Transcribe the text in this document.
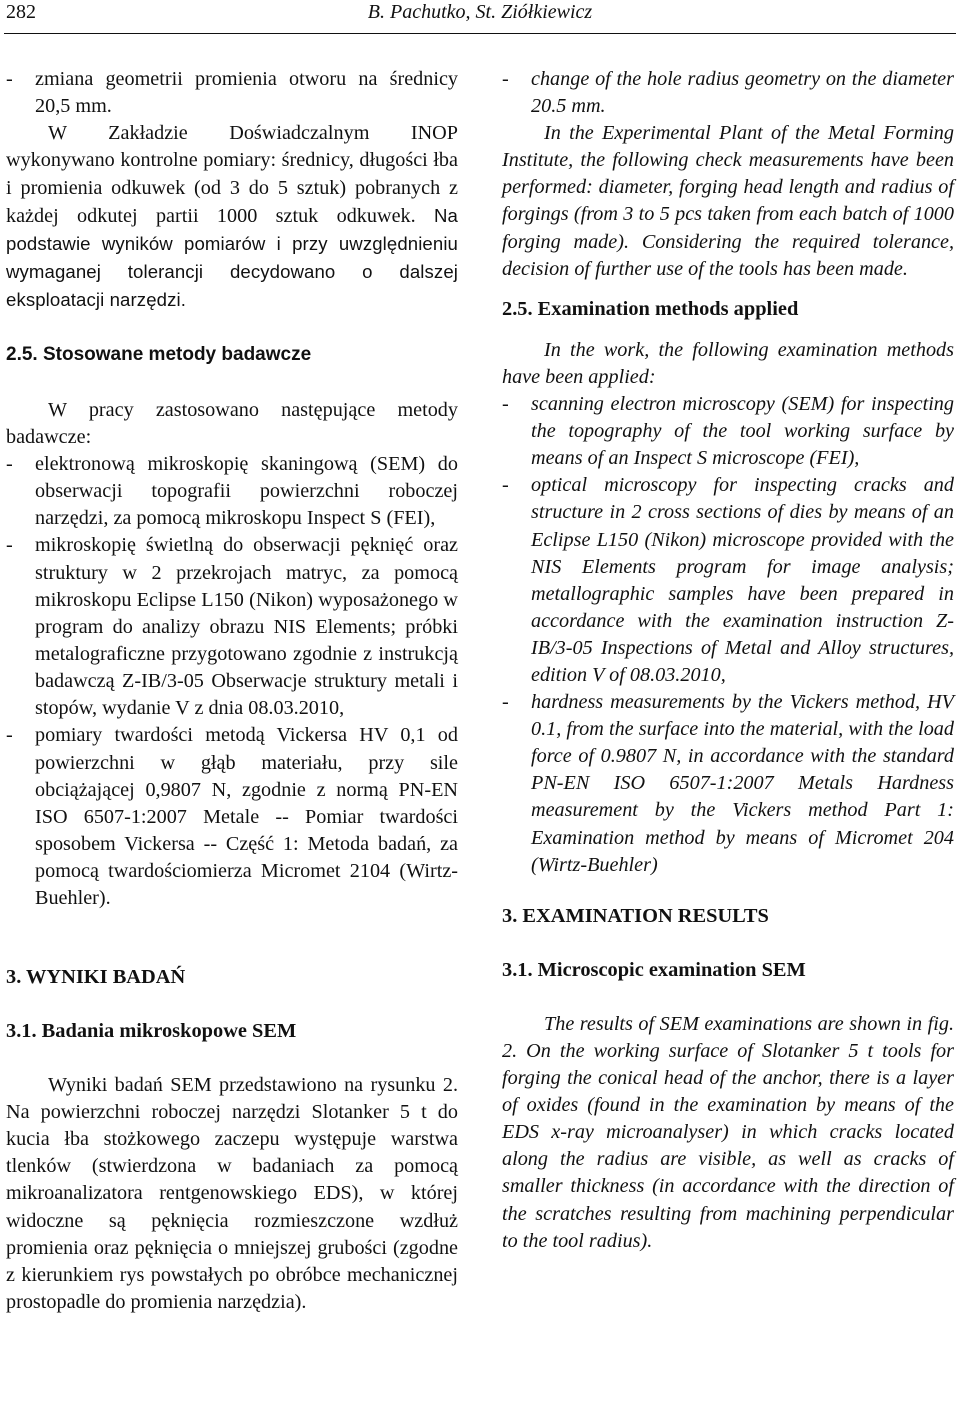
282	B. Pachutko, St. Ziółkiewicz
- zmiana geometrii promienia otworu na średnicy 20,5 mm.

W Zakładzie Doświadczalnym INOP wykonywano kontrolne pomiary: średnicy, długości łba i promienia odkuwek (od 3 do 5 sztuk) pobranych z każdej odkutej partii 1000 sztuk odkuwek. Na podstawie wyników pomiarów i przy uwzględnieniu wymaganej tolerancji decydowano o dalszej eksploatacji narzędzi.

2.5. Stosowane metody badawcze

W pracy zastosowano następujące metody badawcze:

- elektronową mikroskopię skaningową (SEM) do obserwacji topografii powierzchni roboczej narzędzi, za pomocą mikroskopu Inspect S (FEI),
- mikroskopię świetlną do obserwacji pęknięć oraz struktury w 2 przekrojach matryc, za pomocą mikroskopu Eclipse L150 (Nikon) wyposażonego w program do analizy obrazu NIS Elements; próbki metalograficzne przygotowano zgodnie z instrukcją badawczą Z-IB/3-05 Obserwacje struktury metali i stopów, wydanie V z dnia 08.03.2010,
- pomiary twardości metodą Vickersa HV 0,1 od powierzchni w głąb materiału, przy sile obciążającej 0,9807 N, zgodnie z normą PN-EN ISO 6507-1:2007 Metale -- Pomiar twardości sposobem Vickersa -- Część 1: Metoda badań, za pomocą twardościomierza Micromet 2104 (Wirtz-Buehler).
3. WYNIKI BADAŃ
3.1. Badania mikroskopowe SEM

Wyniki badań SEM przedstawiono na rysunku 2. Na powierzchni roboczej narzędzi Slotanker 5 t do kucia łba stożkowego zaczepu występuje warstwa tlenków (stwierdzona w badaniach za pomocą mikroanalizatora rentgenowskiego EDS), w której widoczne są pęknięcia rozmieszczone wzdłuż promienia oraz pęknięcia o mniejszej grubości (zgodne z kierunkiem rys powstałych po obróbce mechanicznej prostopadle do promienia narzędzia).

- change of the hole radius geometry on the diameter 20.5 mm.

In the Experimental Plant of the Metal Forming Institute, the following check measurements have been performed: diameter, forging head length and radius of forgings (from 3 to 5 pcs taken from each batch of 1000 forging made). Considering the required tolerance, decision of further use of the tools has been made.

2.5. Examination methods applied

In the work, the following examination methods have been applied:

- scanning electron microscopy (SEM) for inspecting the topography of the tool working surface by means of an Inspect S microscope (FEI),
- optical microscopy for inspecting cracks and structure in 2 cross sections of dies by means of an Eclipse L150 (Nikon) microscope provided with the NIS Elements program for image analysis; metallographic samples have been prepared in accordance with the examination instruction Z-IB/3-05 Inspections of Metal and Alloy structures, edition V of 08.03.2010,
- hardness measurements by the Vickers method, HV 0.1, from the surface into the material, with the load force of 0.9807 N, in accordance with the standard PN-EN ISO 6507-1:2007 Metals Hardness measurement by the Vickers method Part 1: Examination method by means of Micromet 204 (Wirtz-Buehler)
3. EXAMINATION RESULTS
3.1. Microscopic examination SEM

The results of SEM examinations are shown in fig. 2. On the working surface of Slotanker 5 t tools for forging the conical head of the anchor, there is a layer of oxides (found in the examination by means of the EDS x-ray microanalyser) in which cracks located along the radius are visible, as well as cracks of smaller thickness (in accordance with the direction of the scratches resulting from machining perpendicular to the tool radius).
